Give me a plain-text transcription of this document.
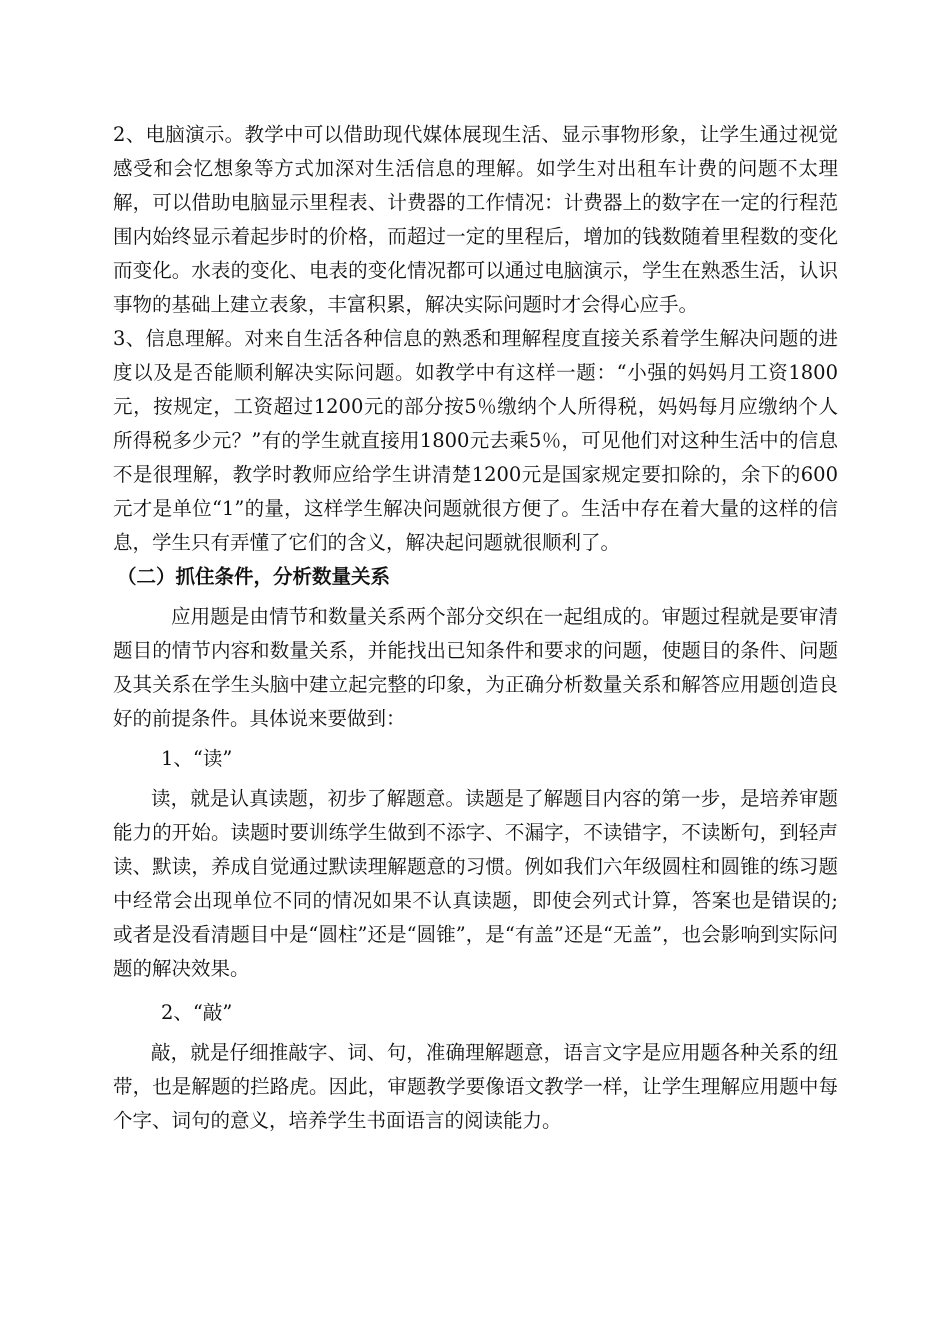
2、电脑演示。教学中可以借助现代媒体展现生活、显示事物形象，让学生通过视觉感受和会忆想象等方式加深对生活信息的理解。如学生对出租车计费的问题不太理解，可以借助电脑显示里程表、计费器的工作情况：计费器上的数字在一定的行程范围内始终显示着起步时的价格，而超过一定的里程后，增加的钱数随着里程数的变化而变化。水表的变化、电表的变化情况都可以通过电脑演示，学生在熟悉生活，认识事物的基础上建立表象，丰富积累，解决实际问题时才会得心应手。

3、信息理解。对来自生活各种信息的熟悉和理解程度直接关系着学生解决问题的进度以及是否能顺利解决实际问题。如教学中有这样一题：“小强的妈妈月工资1800元，按规定，工资超过1200元的部分按5％缴纳个人所得税，妈妈每月应缴纳个人所得税多少元？”有的学生就直接用1800元去乘5％，可见他们对这种生活中的信息不是很理解，教学时教师应给学生讲清楚1200元是国家规定要扣除的，余下的600元才是单位“1”的量，这样学生解决问题就很方便了。生活中存在着大量的这样的信息，学生只有弄懂了它们的含义，解决起问题就很顺利了。

（二）抓住条件，分析数量关系

应用题是由情节和数量关系两个部分交织在一起组成的。审题过程就是要审清题目的情节内容和数量关系，并能找出已知条件和要求的问题，使题目的条件、问题及其关系在学生头脑中建立起完整的印象，为正确分析数量关系和解答应用题创造良好的前提条件。具体说来要做到：

1、“读”

读，就是认真读题，初步了解题意。读题是了解题目内容的第一步，是培养审题能力的开始。读题时要训练学生做到不添字、不漏字，不读错字，不读断句，到轻声读、默读，养成自觉通过默读理解题意的习惯。例如我们六年级圆柱和圆锥的练习题中经常会出现单位不同的情况如果不认真读题，即使会列式计算，答案也是错误的;或者是没看清题目中是“圆柱”还是“圆锥”，是“有盖”还是“无盖”，也会影响到实际问题的解决效果。

2、“敲”

敲，就是仔细推敲字、词、句，准确理解题意，语言文字是应用题各种关系的纽带，也是解题的拦路虎。因此，审题教学要像语文教学一样，让学生理解应用题中每个字、词句的意义，培养学生书面语言的阅读能力。
